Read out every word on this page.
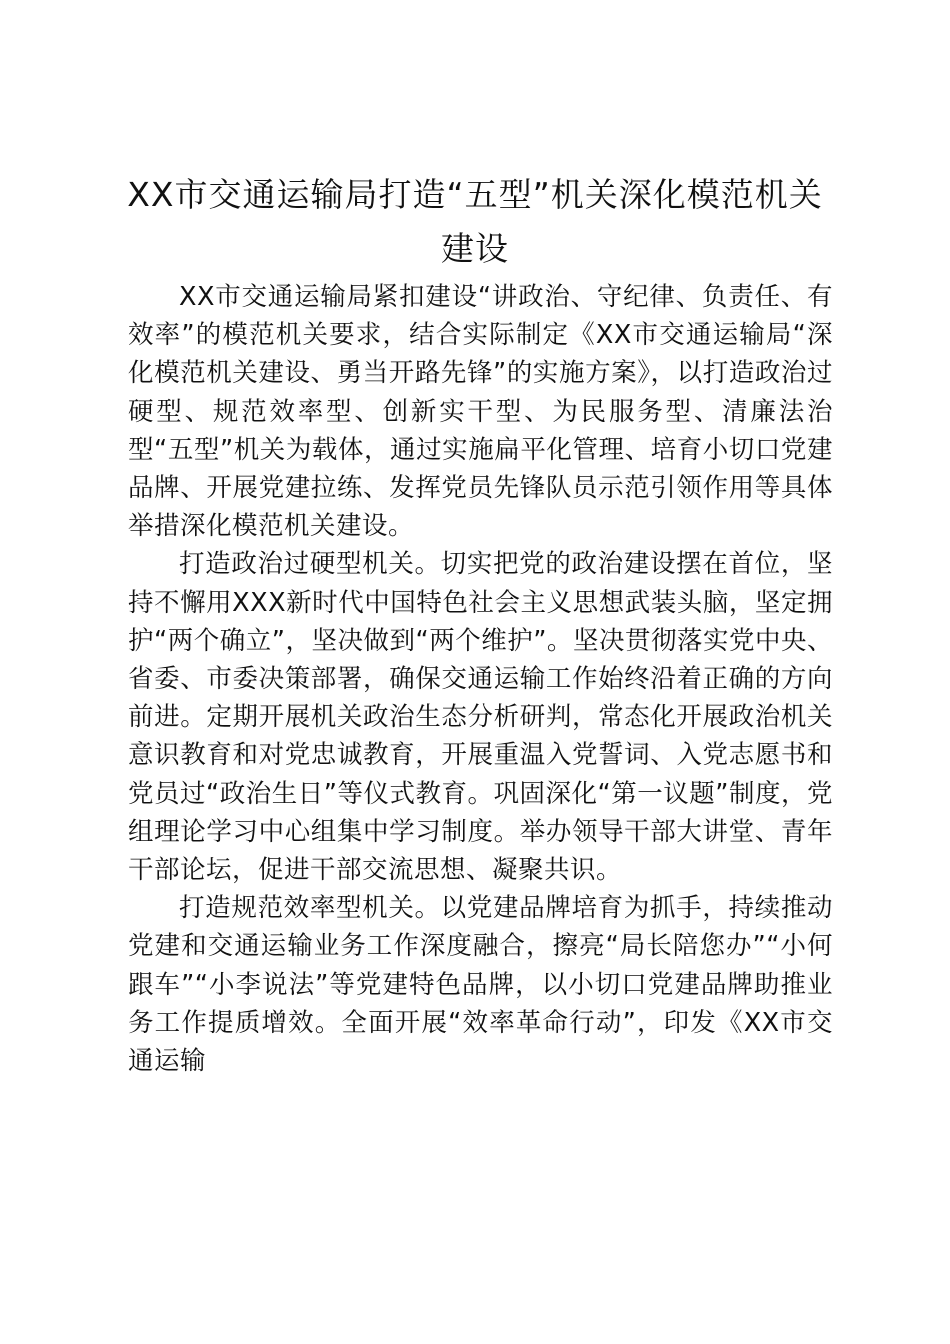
XX市交通运输局打造“五型”机关深化模范机关建设

XX市交通运输局紧扣建设“讲政治、守纪律、负责任、有效率”的模范机关要求，结合实际制定《XX市交通运输局“深化模范机关建设、勇当开路先锋”的实施方案》，以打造政治过硬型、规范效率型、创新实干型、为民服务型、清廉法治型“五型”机关为载体，通过实施扁平化管理、培育小切口党建品牌、开展党建拉练、发挥党员先锋队员示范引领作用等具体举措深化模范机关建设。

打造政治过硬型机关。切实把党的政治建设摆在首位，坚持不懈用XXX新时代中国特色社会主义思想武装头脑，坚定拥护“两个确立”，坚决做到“两个维护”。坚决贯彻落实党中央、省委、市委决策部署，确保交通运输工作始终沿着正确的方向前进。定期开展机关政治生态分析研判，常态化开展政治机关意识教育和对党忠诚教育，开展重温入党誓词、入党志愿书和党员过“政治生日”等仪式教育。巩固深化“第一议题”制度，党组理论学习中心组集中学习制度。举办领导干部大讲堂、青年干部论坛，促进干部交流思想、凝聚共识。

打造规范效率型机关。以党建品牌培育为抓手，持续推动党建和交通运输业务工作深度融合，擦亮“局长陪您办”“小何跟车”“小李说法”等党建特色品牌，以小切口党建品牌助推业务工作提质增效。全面开展“效率革命行动”，印发《XX市交通运输
